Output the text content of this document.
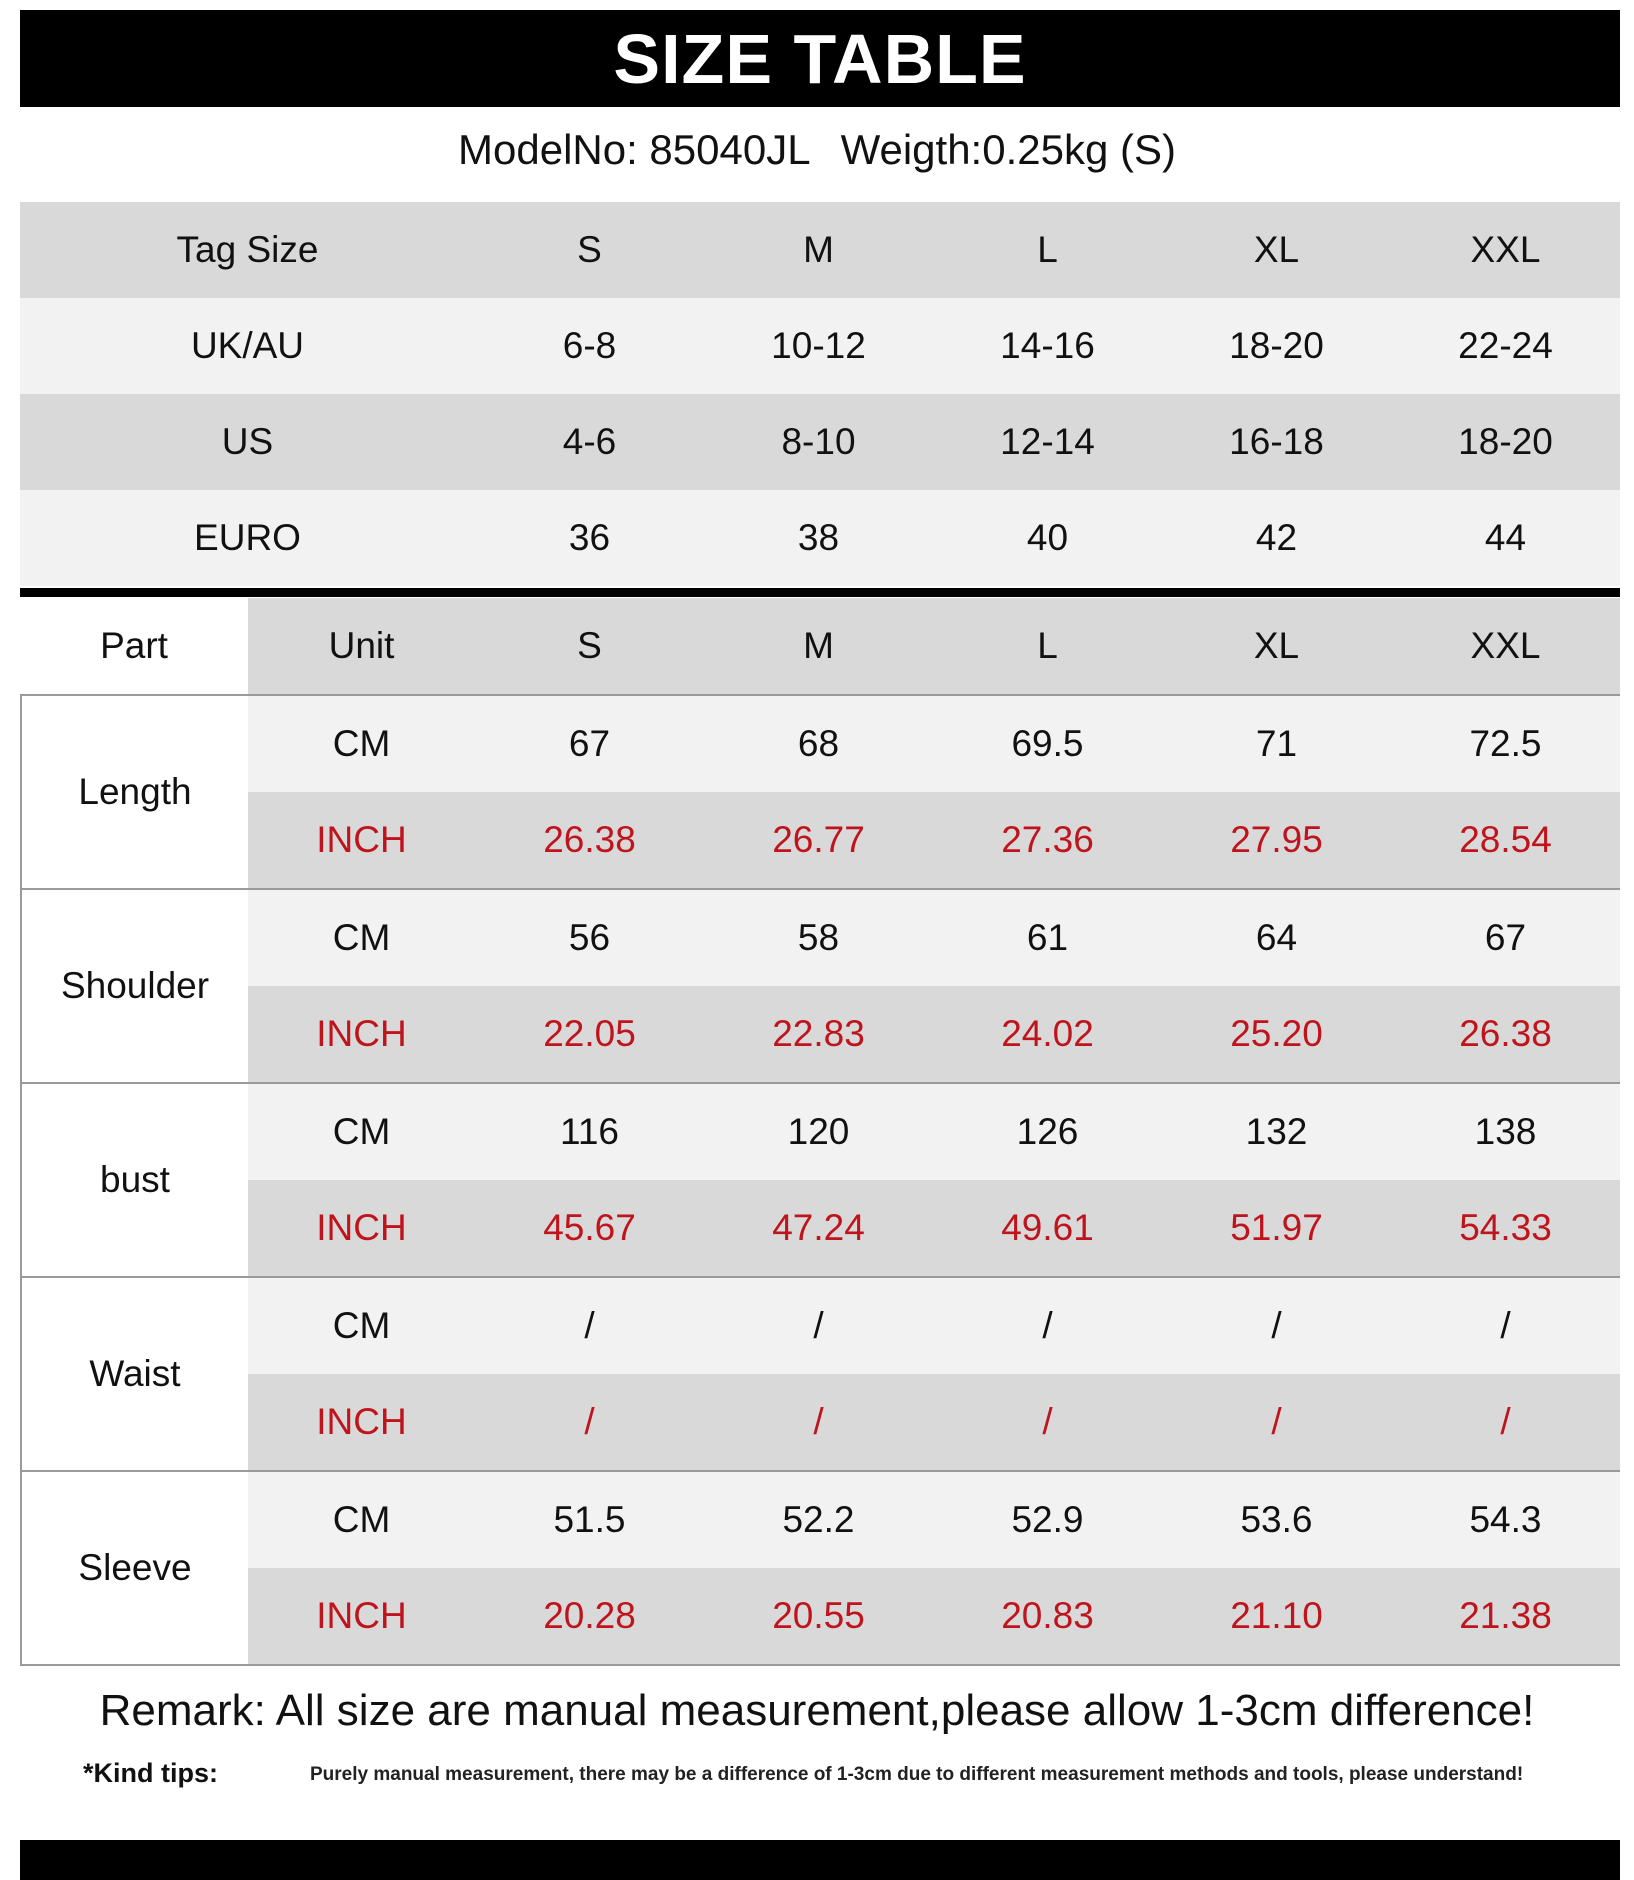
SIZE TABLE
ModelNo: 85040JL Weigth:0.25kg (S)
Tag Size	S	M	L	XL	XXL
UK/AU	6-8	10-12	14-16	18-20	22-24
US	4-6	8-10	12-14	16-18	18-20
EURO	36	38	40	42	44
Part	Unit	S	M	L	XL	XXL
Length
CM	67	68	69.5	71	72.5
INCH	26.38	26.77	27.36	27.95	28.54
Shoulder
CM	56	58	61	64	67
INCH	22.05	22.83	24.02	25.20	26.38
bust
CM	116	120	126	132	138
INCH	45.67	47.24	49.61	51.97	54.33
Waist
CM	/	/	/	/	/
INCH	/	/	/	/	/
Sleeve
CM	51.5	52.2	52.9	53.6	54.3
INCH	20.28	20.55	20.83	21.10	21.38
Remark: All size are manual measurement,please allow 1-3cm difference!
*Kind tips:	Purely manual measurement, there may be a difference of 1-3cm due to different measurement methods and tools, please understand!
